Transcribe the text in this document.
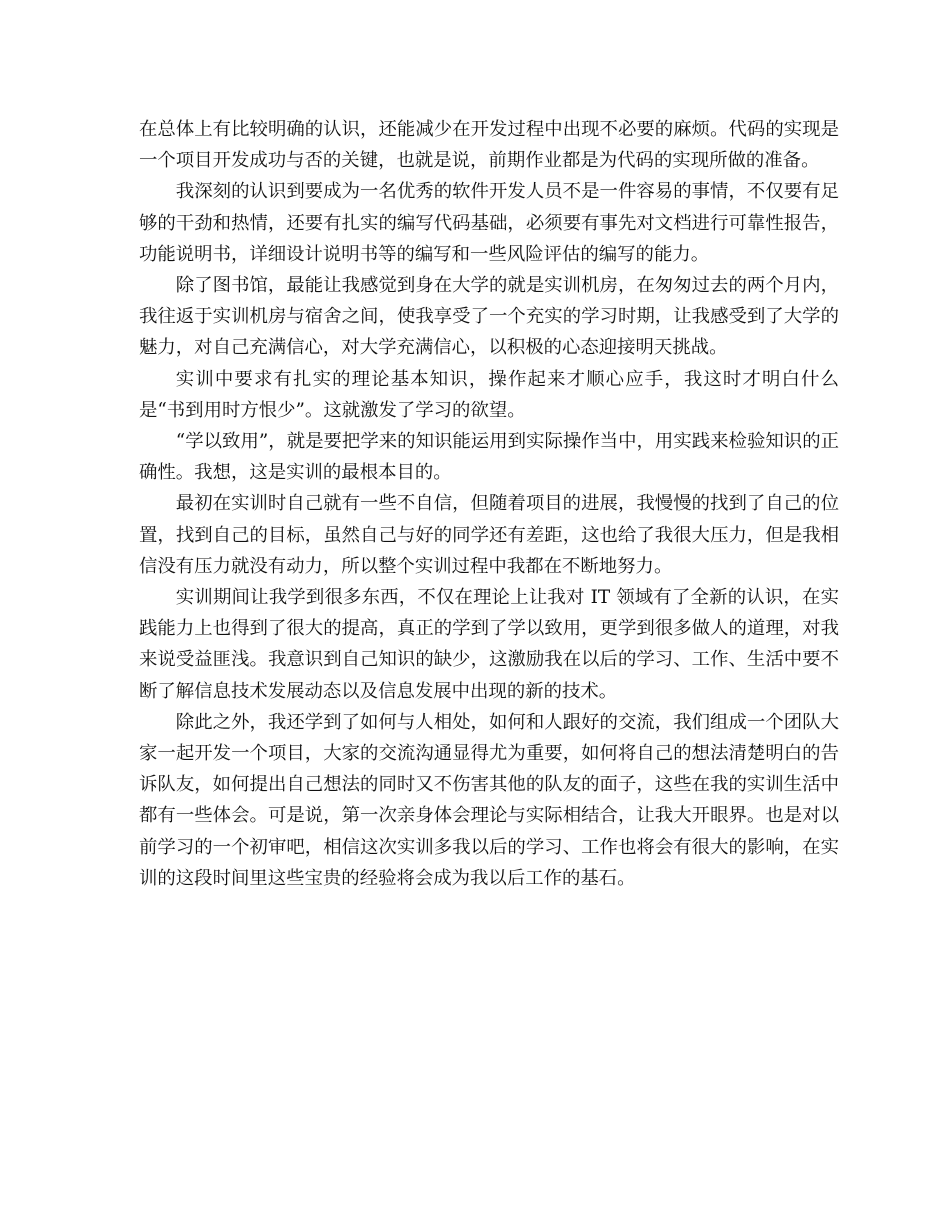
在总体上有比较明确的认识，还能减少在开发过程中出现不必要的麻烦。代码的实现是一个项目开发成功与否的关键，也就是说，前期作业都是为代码的实现所做的准备。

我深刻的认识到要成为一名优秀的软件开发人员不是一件容易的事情，不仅要有足够的干劲和热情，还要有扎实的编写代码基础，必须要有事先对文档进行可靠性报告，功能说明书，详细设计说明书等的编写和一些风险评估的编写的能力。

除了图书馆，最能让我感觉到身在大学的就是实训机房，在匆匆过去的两个月内，我往返于实训机房与宿舍之间，使我享受了一个充实的学习时期，让我感受到了大学的魅力，对自己充满信心，对大学充满信心，以积极的心态迎接明天挑战。

实训中要求有扎实的理论基本知识，操作起来才顺心应手，我这时才明白什么是“书到用时方恨少”。这就激发了学习的欲望。

“学以致用”，就是要把学来的知识能运用到实际操作当中，用实践来检验知识的正确性。我想，这是实训的最根本目的。

最初在实训时自己就有一些不自信，但随着项目的进展，我慢慢的找到了自己的位置，找到自己的目标，虽然自己与好的同学还有差距，这也给了我很大压力，但是我相信没有压力就没有动力，所以整个实训过程中我都在不断地努力。

实训期间让我学到很多东西，不仅在理论上让我对 IT 领域有了全新的认识，在实践能力上也得到了很大的提高，真正的学到了学以致用，更学到很多做人的道理，对我来说受益匪浅。我意识到自己知识的缺少，这激励我在以后的学习、工作、生活中要不断了解信息技术发展动态以及信息发展中出现的新的技术。

除此之外，我还学到了如何与人相处，如何和人跟好的交流，我们组成一个团队大家一起开发一个项目，大家的交流沟通显得尤为重要，如何将自己的想法清楚明白的告诉队友，如何提出自己想法的同时又不伤害其他的队友的面子，这些在我的实训生活中都有一些体会。可是说，第一次亲身体会理论与实际相结合，让我大开眼界。也是对以前学习的一个初审吧，相信这次实训多我以后的学习、工作也将会有很大的影响，在实训的这段时间里这些宝贵的经验将会成为我以后工作的基石。
